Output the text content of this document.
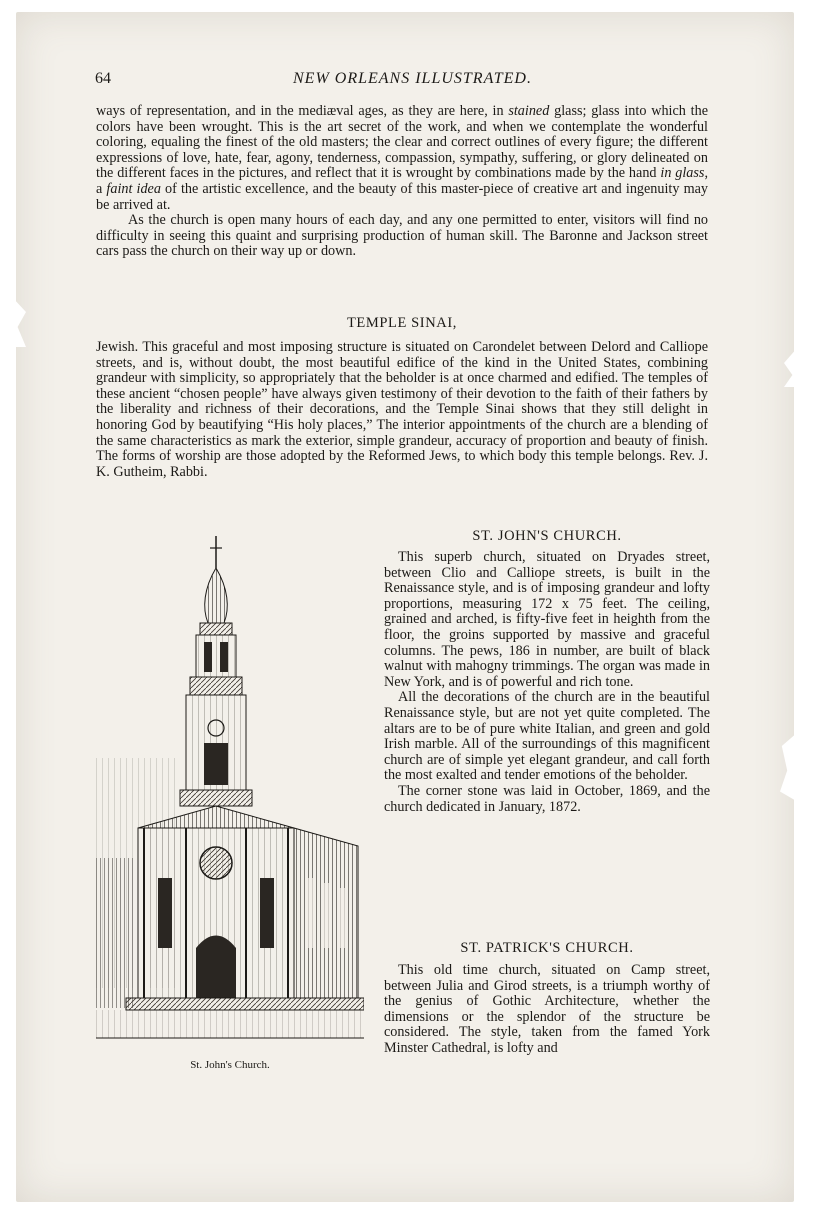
64	NEW ORLEANS ILLUSTRATED.

ways of representation, and in the mediæval ages, as they are here, in stained glass; glass into which the colors have been wrought. This is the art secret of the work, and when we contemplate the wonderful coloring, equaling the finest of the old masters; the clear and correct outlines of every figure; the different expressions of love, hate, fear, agony, tenderness, compassion, sympathy, suffering, or glory delineated on the different faces in the pictures, and reflect that it is wrought by combinations made by the hand in glass, a faint idea of the artistic excellence, and the beauty of this master-piece of creative art and ingenuity may be arrived at.

As the church is open many hours of each day, and any one permitted to enter, visitors will find no difficulty in seeing this quaint and surprising production of human skill. The Baronne and Jackson street cars pass the church on their way up or down.

TEMPLE SINAI,
Jewish. This graceful and most imposing structure is situated on Carondelet between Delord and Calliope streets, and is, without doubt, the most beautiful edifice of the kind in the United States, combining grandeur with simplicity, so appropriately that the beholder is at once charmed and edified. The temples of these ancient “chosen people” have always given testimony of their devotion to the faith of their fathers by the liberality and richness of their decorations, and the Temple Sinai shows that they still delight in honoring God by beautifying “His holy places,” The interior appointments of the church are a blending of the same characteristics as mark the exterior, simple grandeur, accuracy of proportion and beauty of finish. The forms of worship are those adopted by the Reformed Jews, to which body this temple belongs. Rev. J. K. Gutheim, Rabbi.
ST. JOHN'S CHURCH.

This superb church, situated on Dryades street, between Clio and Calliope streets, is built in the Renaissance style, and is of imposing grandeur and lofty proportions, measuring 172 x 75 feet. The ceiling, grained and arched, is fifty-five feet in heighth from the floor, the groins supported by massive and graceful columns. The pews, 186 in number, are built of black walnut with mahogny trimmings. The organ was made in New York, and is of powerful and rich tone.

All the decorations of the church are in the beautiful Renaissance style, but are not yet quite completed. The altars are to be of pure white Italian, and green and gold Irish marble. All of the surroundings of this magnificent church are of simple yet elegant grandeur, and call forth the most exalted and tender emotions of the beholder.

The corner stone was laid in October, 1869, and the church dedicated in January, 1872.

ST. PATRICK'S CHURCH.

This old time church, situated on Camp street, between Julia and Girod streets, is a triumph worthy of the genius of Gothic Architecture, whether the dimensions or the splendor of the structure be considered. The style, taken from the famed York Minster Cathedral, is lofty and

St. John's Church.
